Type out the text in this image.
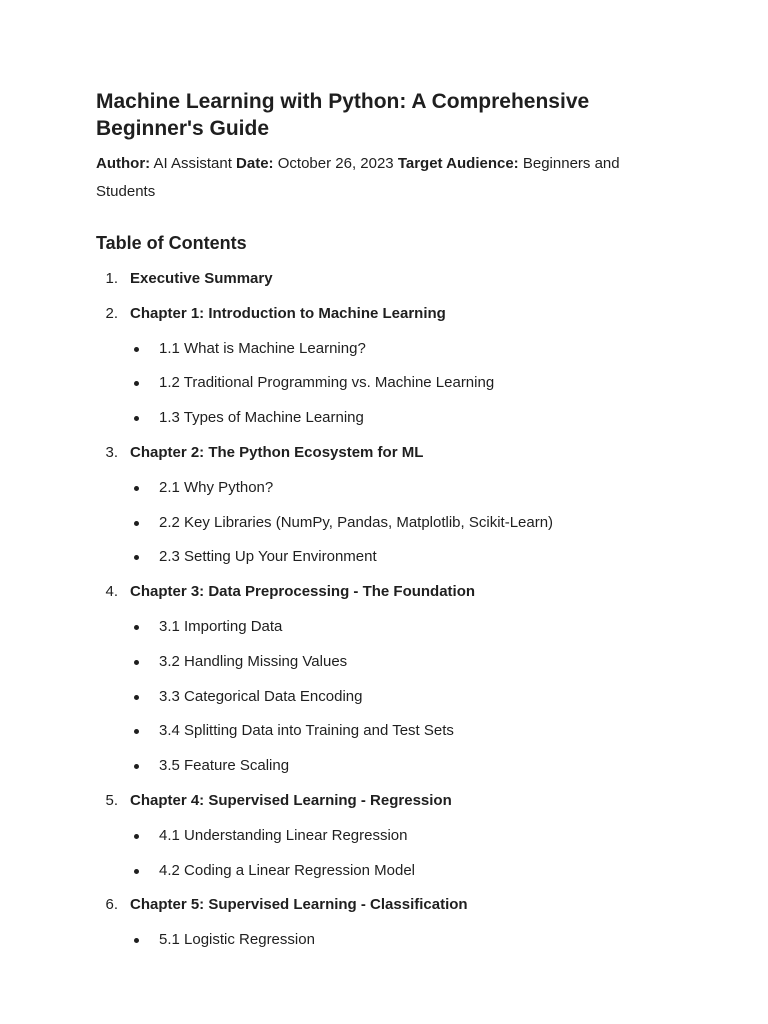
Machine Learning with Python: A Comprehensive Beginner's Guide
Author: AI Assistant Date: October 26, 2023 Target Audience: Beginners and Students
Table of Contents
1. Executive Summary
2. Chapter 1: Introduction to Machine Learning
1.1 What is Machine Learning?
1.2 Traditional Programming vs. Machine Learning
1.3 Types of Machine Learning
3. Chapter 2: The Python Ecosystem for ML
2.1 Why Python?
2.2 Key Libraries (NumPy, Pandas, Matplotlib, Scikit-Learn)
2.3 Setting Up Your Environment
4. Chapter 3: Data Preprocessing - The Foundation
3.1 Importing Data
3.2 Handling Missing Values
3.3 Categorical Data Encoding
3.4 Splitting Data into Training and Test Sets
3.5 Feature Scaling
5. Chapter 4: Supervised Learning - Regression
4.1 Understanding Linear Regression
4.2 Coding a Linear Regression Model
6. Chapter 5: Supervised Learning - Classification
5.1 Logistic Regression
